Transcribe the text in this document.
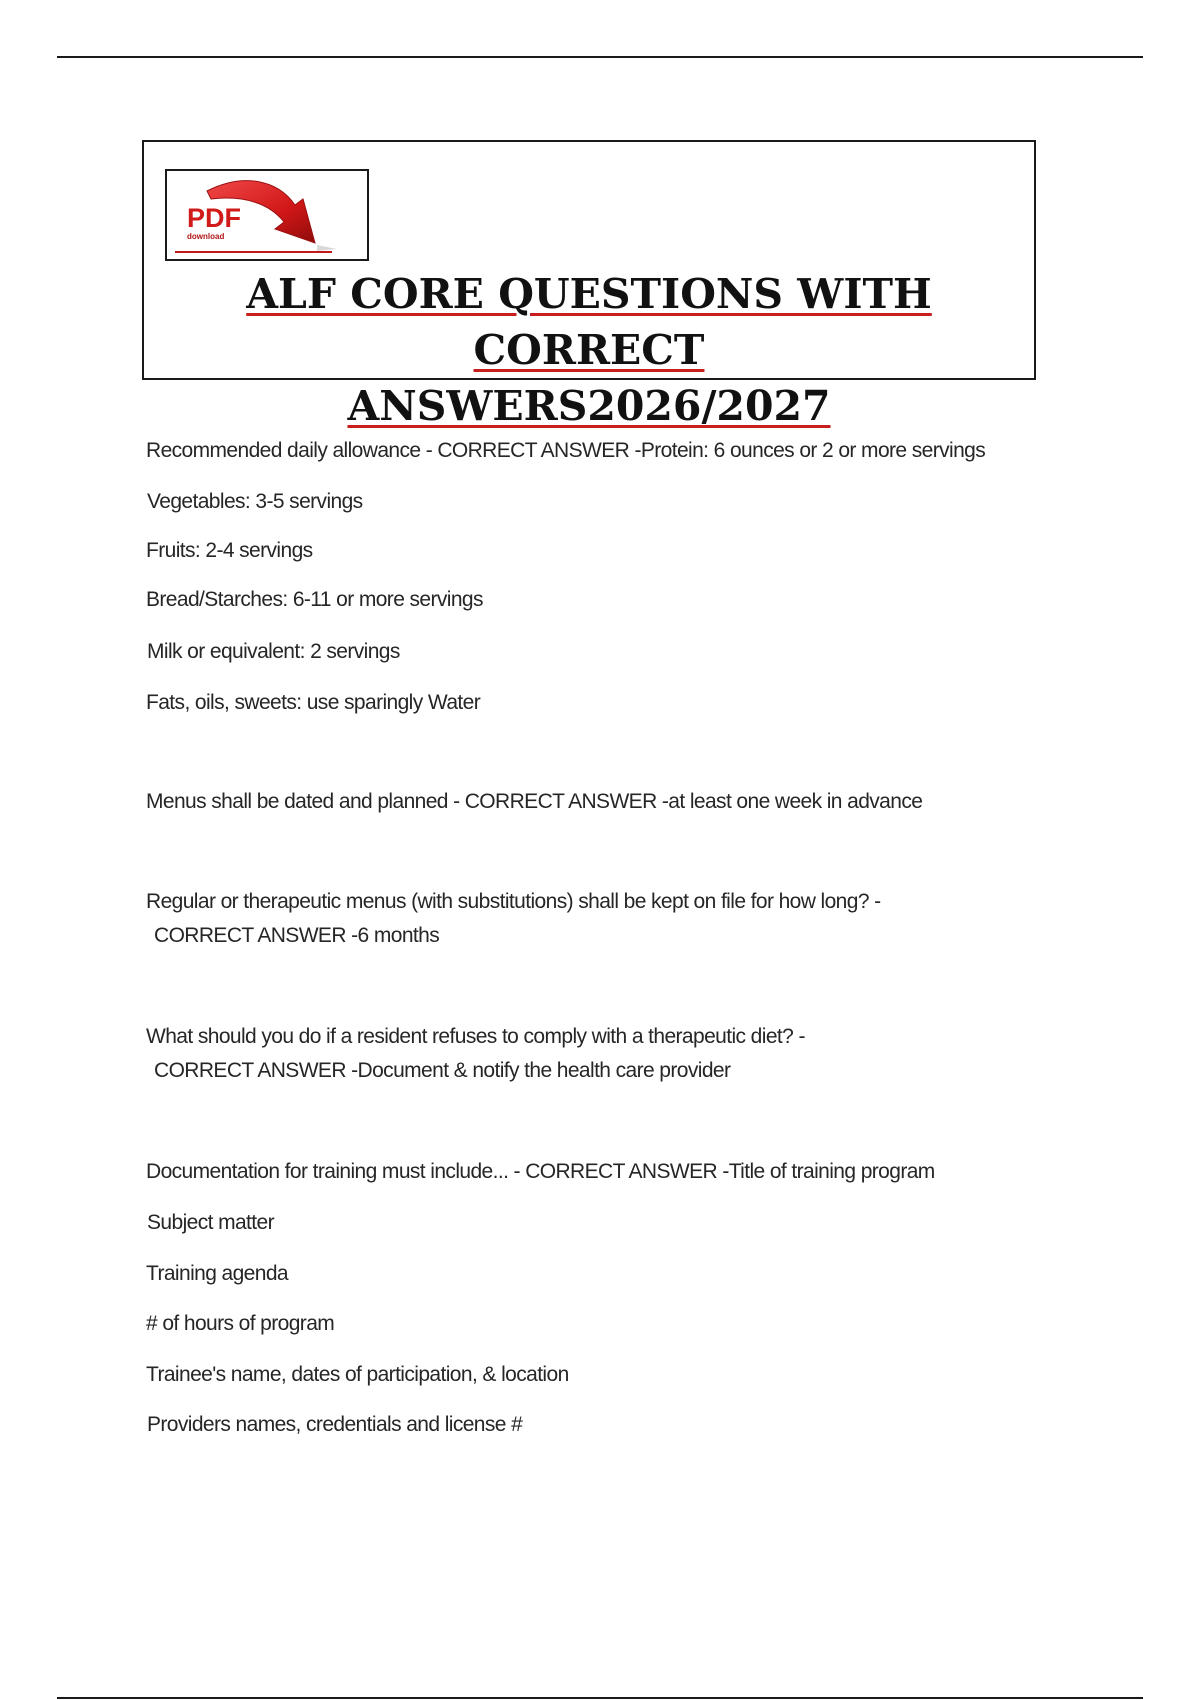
PDF
download
ALF CORE QUESTIONS WITH CORRECT
ANSWERS2026/2027
Recommended daily allowance - CORRECT ANSWER -Protein: 6 ounces or 2 or more servings
Vegetables: 3-5 servings
Fruits: 2-4 servings
Bread/Starches: 6-11 or more servings
Milk or equivalent: 2 servings
Fats, oils, sweets: use sparingly Water
Menus shall be dated and planned - CORRECT ANSWER -at least one week in advance
Regular or therapeutic menus (with substitutions) shall be kept on file for how long? -
CORRECT ANSWER -6 months
What should you do if a resident refuses to comply with a therapeutic diet? -
CORRECT ANSWER -Document & notify the health care provider
Documentation for training must include... - CORRECT ANSWER -Title of training program
Subject matter
Training agenda
# of hours of program
Trainee's name, dates of participation, & location
Providers names, credentials and license #
